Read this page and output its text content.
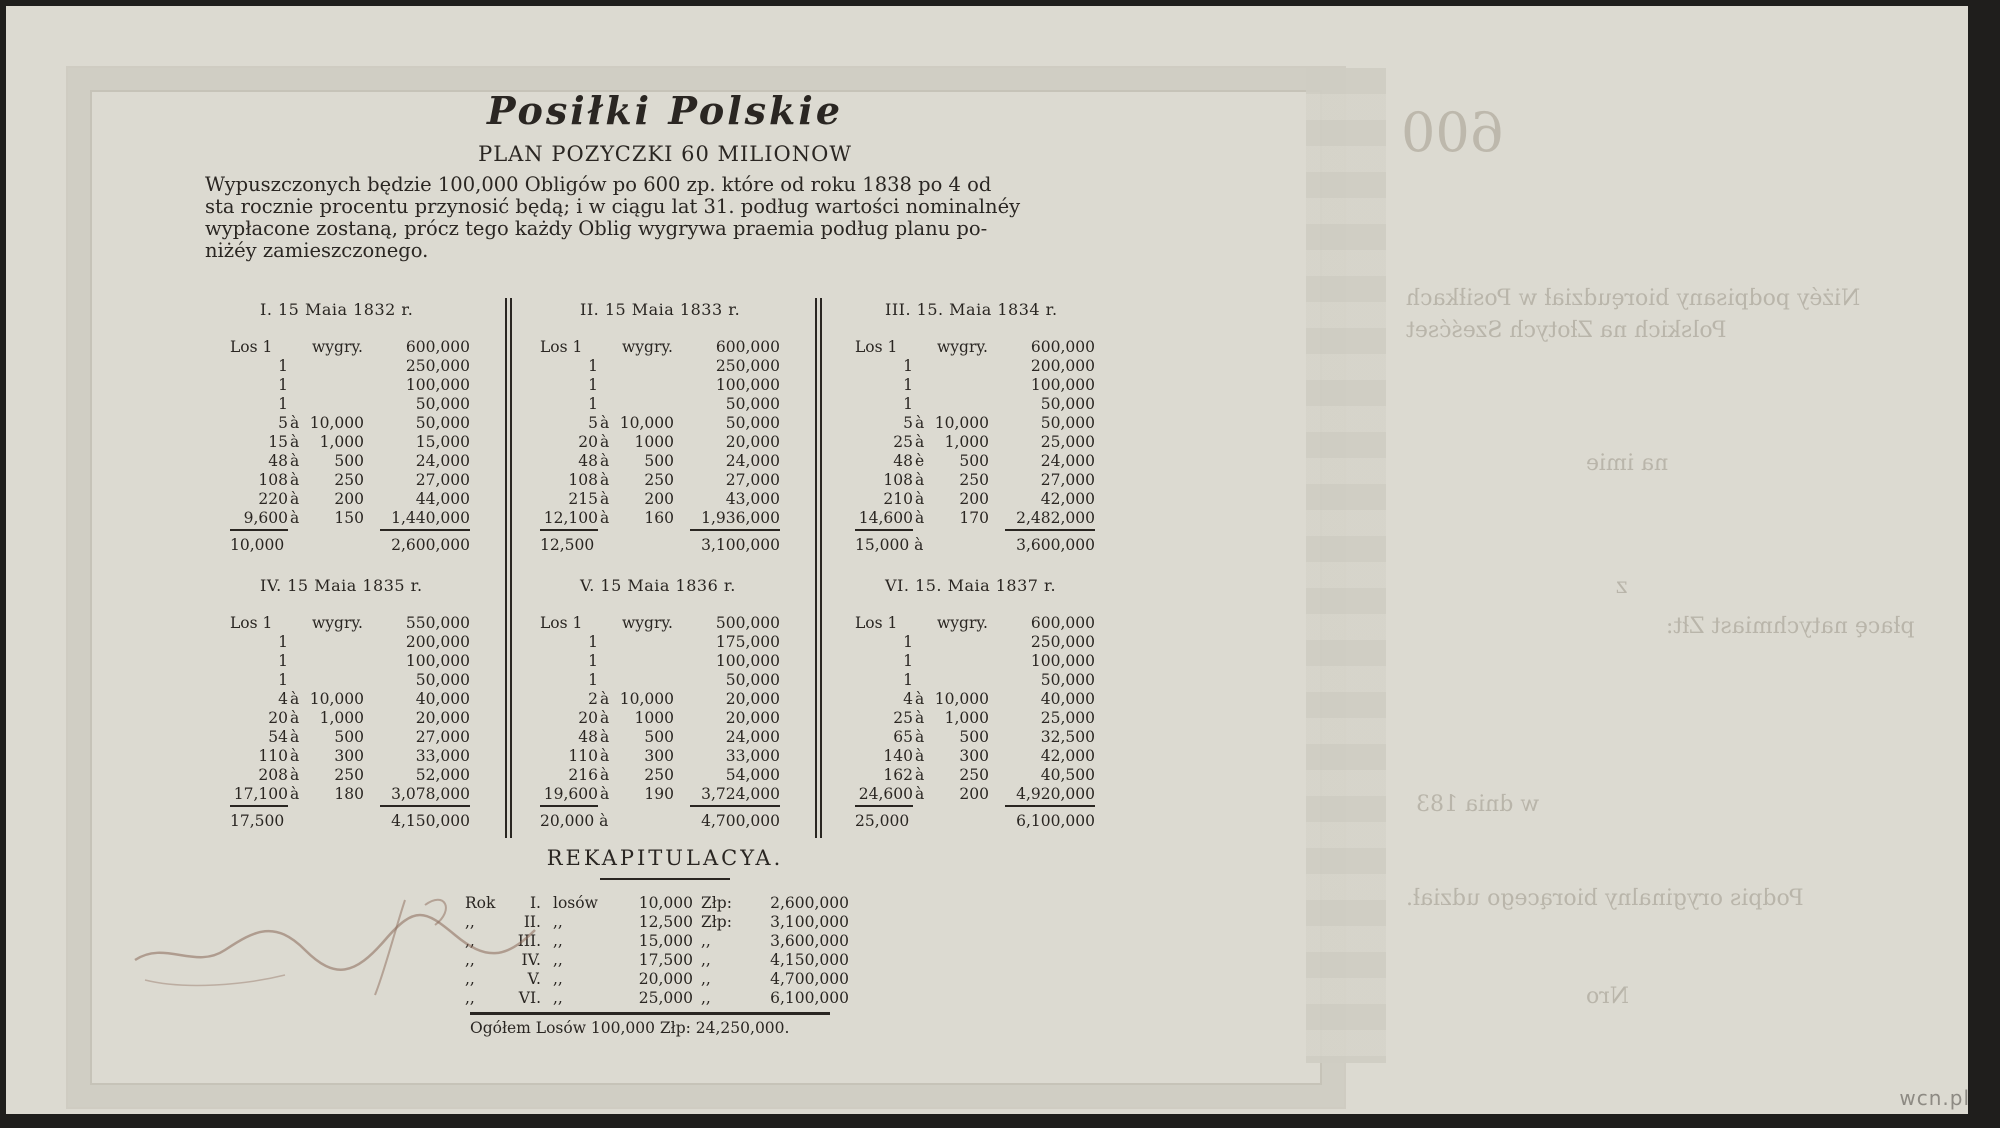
600
Niżéy podpisany bioręudział w Posiłkach
Polskich na Złotych Sześćset
na imie
z
płacę natychmiast Złt:
w dnia 183
Podpis oryginalny biorącego udział.
Nro
Posiłki Polskie
PLAN POZYCZKI 60 MILIONOW
Wypuszczonych będzie 100,000 Obligów po 600 zp. które od roku 1838 po 4 od
sta rocznie procentu przynosić będą; i w ciągu lat 31. podług wartości nominalnéy
wypłacone zostaną, prócz tego każdy Oblig wygrywa praemia podług planu po-
niżéy zamieszczonego.
I. 15 Maia 1832 r.
Los 1	wygry.	600,000
1	250,000
1	100,000
1	50,000
5 à 10,000	50,000
15 à	1,000	15,000
48 à	500	24,000
108 à	250	27,000
220 à	200	44,000
9,600 à	150	1,440,000
10,000	2,600,000
II. 15 Maia 1833 r.
Los 1	wygry.	600,000
1	250,000
1	100,000
1	50,000
5 à 10,000	50,000
20 à	1000	20,000
48 à	500	24,000
108 à	250	27,000
215 à	200	43,000
12,100 à	160	1,936,000
12,500	3,100,000
III. 15. Maia 1834 r.
Los 1	wygry.	600,000
1	200,000
1	100,000
1	50,000
5 à 10,000	50,000
25 à	1,000	25,000
48 è	500	24,000
108 à	250	27,000
210 à	200	42,000
14,600 à	170	2,482,000
15,000 à	3,600,000
IV. 15 Maia 1835 r.
Los 1	wygry.	550,000
1	200,000
1	100,000
1	50,000
4 à 10,000	40,000
20 à	1,000	20,000
54 à	500	27,000
110 à	300	33,000
208 à	250	52,000
17,100 à	180	3,078,000
17,500	4,150,000
V. 15 Maia 1836 r.
Los 1	wygry.	500,000
1	175,000
1	100,000
1	50,000
2 à 10,000	20,000
20 à	1000	20,000
48 à	500	24,000
110 à	300	33,000
216 à	250	54,000
19,600 à	190	3,724,000
20,000 à	4,700,000
VI. 15. Maia 1837 r.
Los 1	wygry.	600,000
1	250,000
1	100,000
1	50,000
4 à 10,000	40,000
25 à	1,000	25,000
65 à	500	32,500
140 à	300	42,000
162 à	250	40,500
24,600 à	200	4,920,000
25,000	6,100,000
REKAPITULACYA.
Rok	I. losów	10,000 Złp:	2,600,000
,,	II. ,,	12,500 Złp:	3,100,000
,,	III. ,,	15,000 ,,	3,600,000
,,	IV. ,,	17,500 ,,	4,150,000
,,	V. ,,	20,000 ,,	4,700,000
,,	VI. ,,	25,000 ,,	6,100,000
Ogółem Losów 100,000 Złp: 24,250,000.
wcn.pl
